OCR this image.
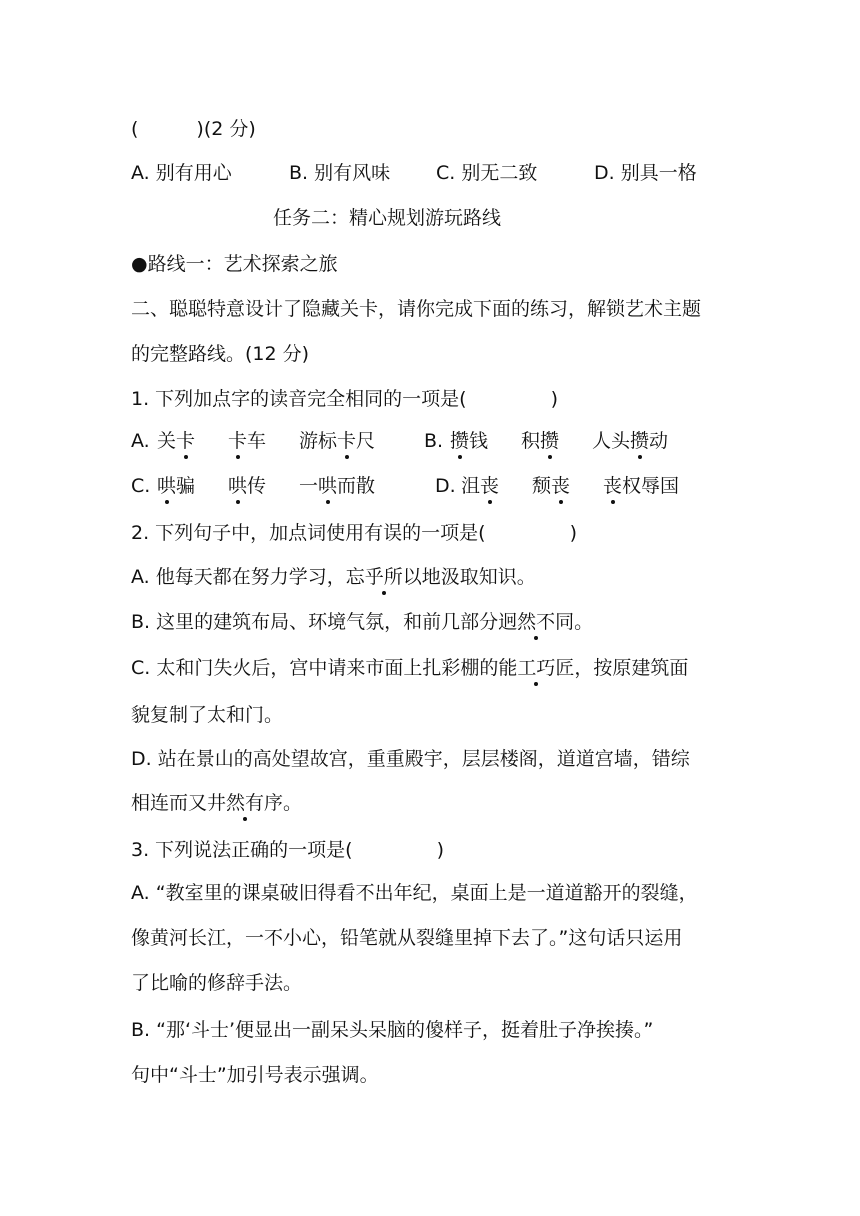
(	)(2 分)
A. 别有用心	B. 别有风味 C. 别无二致	D. 别具一格
任务二：精心规划游玩路线
●路线一：艺术探索之旅
二、聪聪特意设计了隐藏关卡，请你完成下面的练习，解锁艺术主题
的完整路线。(12 分)
1. 下列加点字的读音完全相同的一项是(	)
A. 关卡 卡车 游标卡尺	B. 攒钱 积攒 人头攒动
C. 哄骗 哄传 一哄而散	D. 沮丧 颓丧 丧权辱国
2. 下列句子中，加点词使用有误的一项是(	)
A. 他每天都在努力学习，忘乎所以地汲取知识。
B. 这里的建筑布局、环境气氛，和前几部分迥然不同。
C. 太和门失火后，宫中请来市面上扎彩棚的能工巧匠，按原建筑面
貌复制了太和门。
D. 站在景山的高处望故宫，重重殿宇，层层楼阁，道道宫墙，错综
相连而又井然有序。
3. 下列说法正确的一项是(	)
A. “教室里的课桌破旧得看不出年纪，桌面上是一道道豁开的裂缝，
像黄河长江，一不小心，铅笔就从裂缝里掉下去了。”这句话只运用
了比喻的修辞手法。
B. “那‘斗士’便显出一副呆头呆脑的傻样子，挺着肚子净挨揍。”
句中“斗士”加引号表示强调。
